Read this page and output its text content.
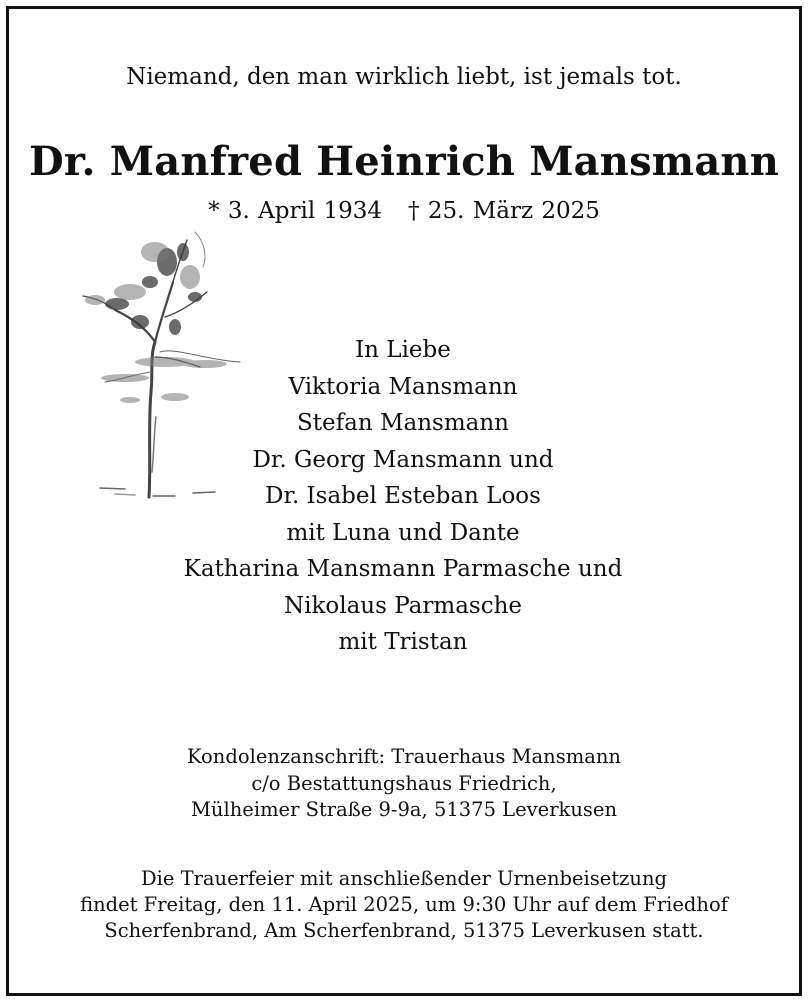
Niemand, den man wirklich liebt, ist jemals tot.
Dr. Manfred Heinrich Mansmann
* 3. April 1934 † 25. März 2025
In Liebe
Viktoria Mansmann
Stefan Mansmann
Dr. Georg Mansmann und
Dr. Isabel Esteban Loos
mit Luna und Dante
Katharina Mansmann Parmasche und
Nikolaus Parmasche
mit Tristan
Kondolenzanschrift: Trauerhaus Mansmann
c/o Bestattungshaus Friedrich,
Mülheimer Straße 9-9a, 51375 Leverkusen
Die Trauerfeier mit anschließender Urnenbeisetzung
findet Freitag, den 11. April 2025, um 9:30 Uhr auf dem Friedhof
Scherfenbrand, Am Scherfenbrand, 51375 Leverkusen statt.
